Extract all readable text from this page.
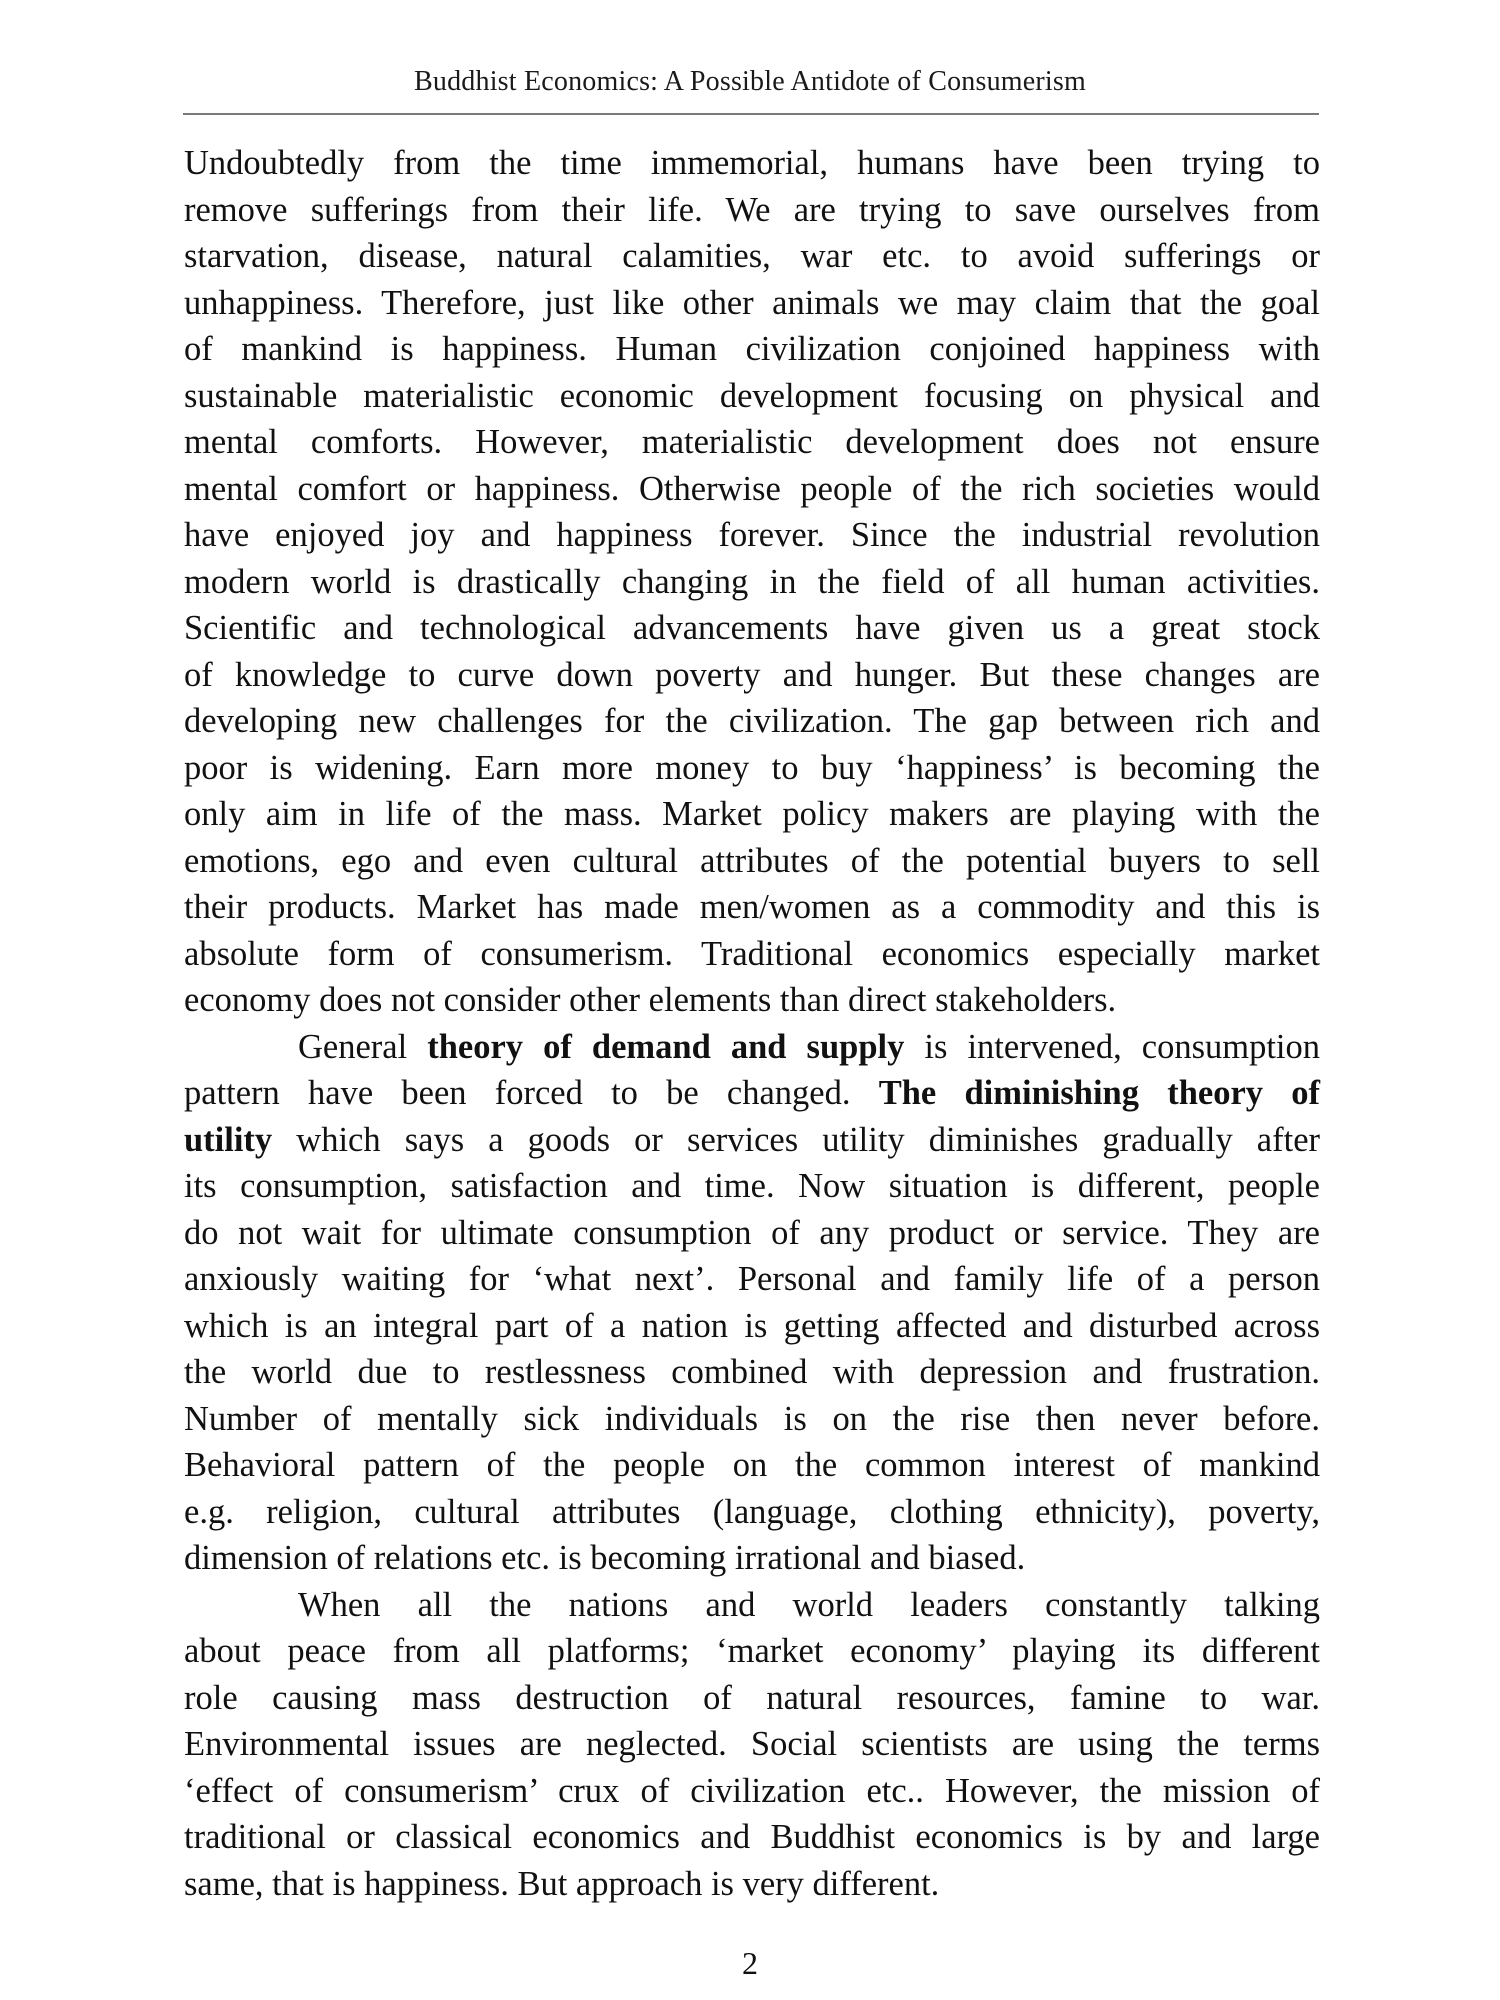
Buddhist Economics: A Possible Antidote of Consumerism
Undoubtedly from the time immemorial, humans have been trying to
remove sufferings from their life. We are trying to save ourselves from
starvation, disease, natural calamities, war etc. to avoid sufferings or
unhappiness. Therefore, just like other animals we may claim that the goal
of mankind is happiness. Human civilization conjoined happiness with
sustainable materialistic economic development focusing on physical and
mental comforts. However, materialistic development does not ensure
mental comfort or happiness. Otherwise people of the rich societies would
have enjoyed joy and happiness forever. Since the industrial revolution
modern world is drastically changing in the field of all human activities.
Scientific and technological advancements have given us a great stock
of knowledge to curve down poverty and hunger. But these changes are
developing new challenges for the civilization. The gap between rich and
poor is widening. Earn more money to buy ‘happiness’ is becoming the
only aim in life of the mass. Market policy makers are playing with the
emotions, ego and even cultural attributes of the potential buyers to sell
their products. Market has made men/women as a commodity and this is
absolute form of consumerism. Traditional economics especially market
economy does not consider other elements than direct stakeholders.
General theory of demand and supply is intervened, consumption
pattern have been forced to be changed. The diminishing theory of
utility which says a goods or services utility diminishes gradually after
its consumption, satisfaction and time. Now situation is different, people
do not wait for ultimate consumption of any product or service. They are
anxiously waiting for ‘what next’. Personal and family life of a person
which is an integral part of a nation is getting affected and disturbed across
the world due to restlessness combined with depression and frustration.
Number of mentally sick individuals is on the rise then never before.
Behavioral pattern of the people on the common interest of mankind
e.g. religion, cultural attributes (language, clothing ethnicity), poverty,
dimension of relations etc. is becoming irrational and biased.
When all the nations and world leaders constantly talking
about peace from all platforms; ‘market economy’ playing its different
role causing mass destruction of natural resources, famine to war.
Environmental issues are neglected. Social scientists are using the terms
‘effect of consumerism’ crux of civilization etc.. However, the mission of
traditional or classical economics and Buddhist economics is by and large
same, that is happiness. But approach is very different.
2
